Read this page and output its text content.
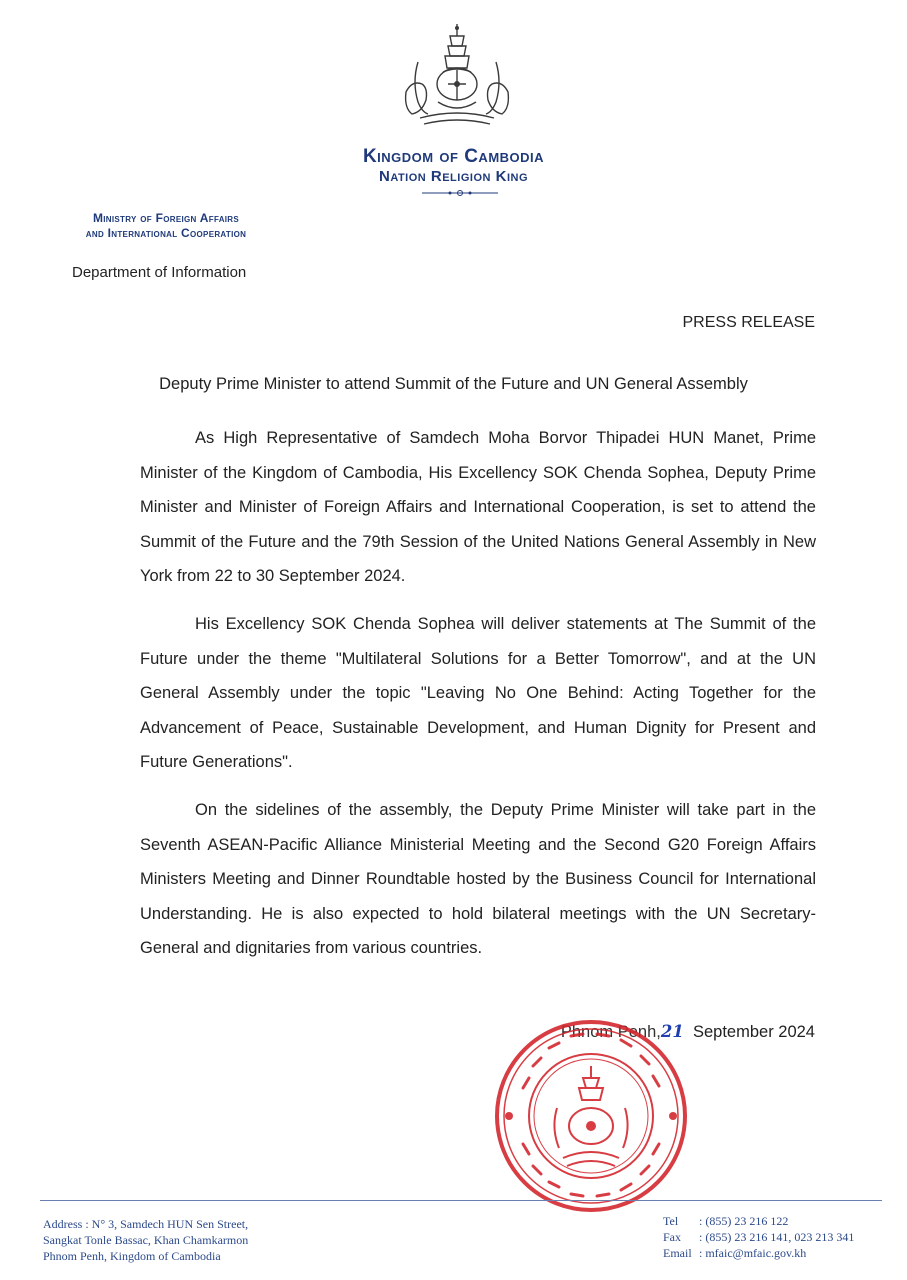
Kingdom of Cambodia
Nation Religion King
Ministry of Foreign Affairs
and International Cooperation
Department of Information
PRESS RELEASE
Deputy Prime Minister to attend Summit of the Future and UN General Assembly
As High Representative of Samdech Moha Borvor Thipadei HUN Manet, Prime Minister of the Kingdom of Cambodia, His Excellency SOK Chenda Sophea, Deputy Prime Minister and Minister of Foreign Affairs and International Cooperation, is set to attend the Summit of the Future and the 79th Session of the United Nations General Assembly in New York from 22 to 30 September 2024.
His Excellency SOK Chenda Sophea will deliver statements at The Summit of the Future under the theme "Multilateral Solutions for a Better Tomorrow", and at the UN General Assembly under the topic "Leaving No One Behind: Acting Together for the Advancement of Peace, Sustainable Development, and Human Dignity for Present and Future Generations".
On the sidelines of the assembly, the Deputy Prime Minister will take part in the Seventh ASEAN-Pacific Alliance Ministerial Meeting and the Second G20 Foreign Affairs Ministers Meeting and Dinner Roundtable hosted by the Business Council for International Understanding. He is also expected to hold bilateral meetings with the UN Secretary-General and dignitaries from various countries.
Phnom Penh,21 September 2024
Address : N° 3, Samdech HUN Sen Street,
Sangkat Tonle Bassac, Khan Chamkarmon
Phnom Penh, Kingdom of Cambodia
Tel : (855) 23 216 122
Fax : (855) 23 216 141, 023 213 341
Email : mfaic@mfaic.gov.kh
